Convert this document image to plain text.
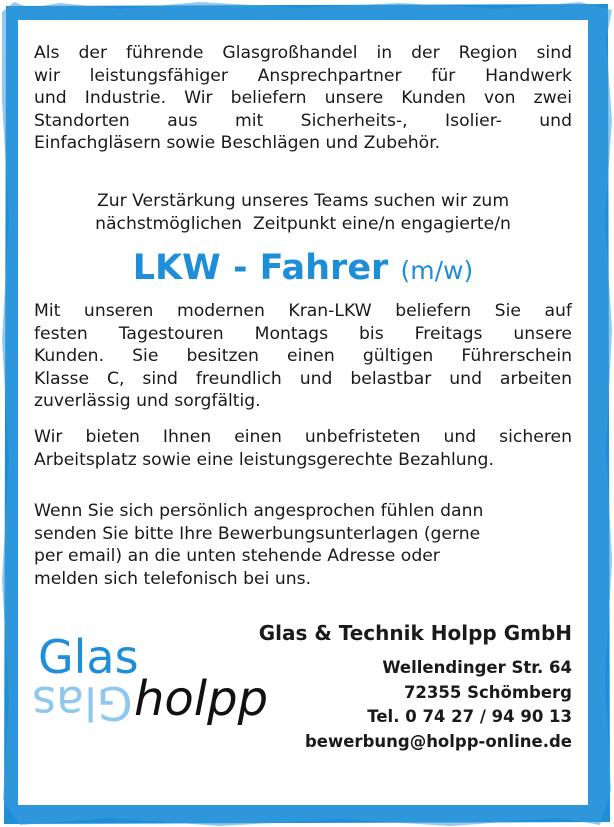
Als der führende Glasgroßhandel in der Region sind
wir leistungsfähiger Ansprechpartner für Handwerk
und Industrie. Wir beliefern unsere Kunden von zwei
Standorten aus mit Sicherheits-, Isolier- und
Einfachgläsern sowie Beschlägen und Zubehör.
Zur Verstärkung unseres Teams suchen wir zum
nächstmöglichen  Zeitpunkt eine/n engagierte/n
LKW - Fahrer (m/w)
Mit unseren modernen Kran-LKW beliefern Sie auf
festen Tagestouren Montags bis Freitags unsere
Kunden. Sie besitzen einen gültigen Führerschein
Klasse C, sind freundlich und belastbar und arbeiten
zuverlässig und sorgfältig.
Wir bieten Ihnen einen unbefristeten und sicheren
Arbeitsplatz sowie eine leistungsgerechte Bezahlung.
Wenn Sie sich persönlich angesprochen fühlen dann
senden Sie bitte Ihre Bewerbungsunterlagen (gerne
per email) an die unten stehende Adresse oder
melden sich telefonisch bei uns.
Glas
Glas holpp
Glas & Technik Holpp GmbH
Wellendinger Str. 64
72355 Schömberg
Tel. 0 74 27 / 94 90 13
bewerbung@holpp-online.de
